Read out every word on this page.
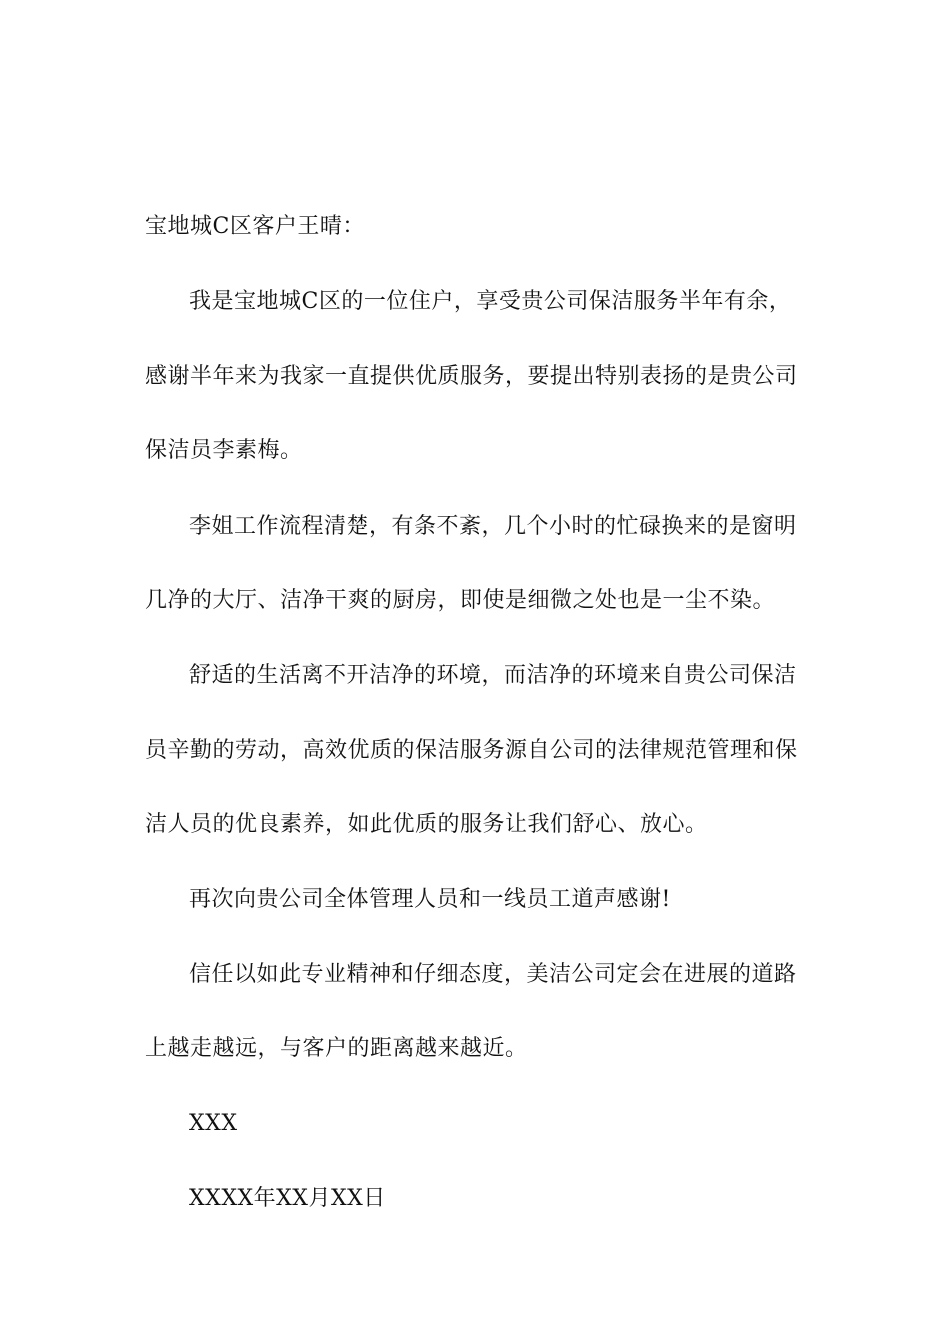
宝地城C区客户王晴：
我是宝地城C区的一位住户，享受贵公司保洁服务半年有余，
感谢半年来为我家一直提供优质服务，要提出特别表扬的是贵公司
保洁员李素梅。
李姐工作流程清楚，有条不紊，几个小时的忙碌换来的是窗明
几净的大厅、洁净干爽的厨房，即使是细微之处也是一尘不染。
舒适的生活离不开洁净的环境，而洁净的环境来自贵公司保洁
员辛勤的劳动，高效优质的保洁服务源自公司的法律规范管理和保
洁人员的优良素养，如此优质的服务让我们舒心、放心。
再次向贵公司全体管理人员和一线员工道声感谢!
信任以如此专业精神和仔细态度，美洁公司定会在进展的道路
上越走越远，与客户的距离越来越近。
XXX
XXXX年XX月XX日
